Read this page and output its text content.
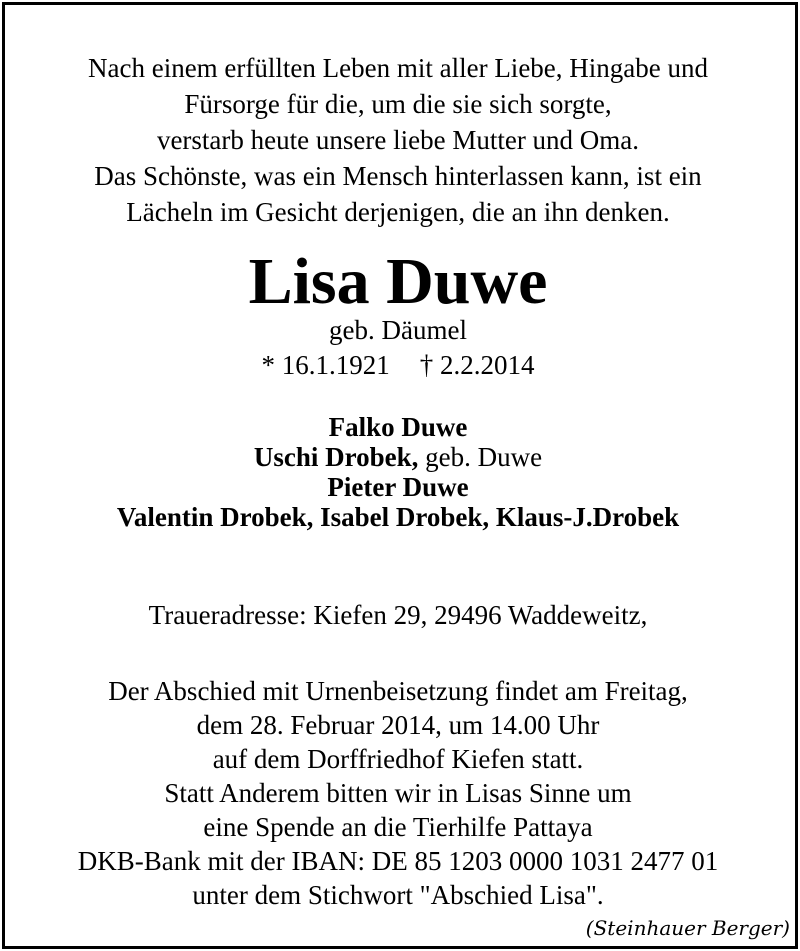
Nach einem erfüllten Leben mit aller Liebe, Hingabe und
Fürsorge für die, um die sie sich sorgte,
verstarb heute unsere liebe Mutter und Oma.
Das Schönste, was ein Mensch hinterlassen kann, ist ein
Lächeln im Gesicht derjenigen, die an ihn denken.
Lisa Duwe
geb. Däumel
* 16.1.1921 † 2.2.2014
Falko Duwe
Uschi Drobek, geb. Duwe
Pieter Duwe
Valentin Drobek, Isabel Drobek, Klaus-J.Drobek
Traueradresse: Kiefen 29, 29496 Waddeweitz,
Der Abschied mit Urnenbeisetzung findet am Freitag,
dem 28. Februar 2014, um 14.00 Uhr
auf dem Dorffriedhof Kiefen statt.
Statt Anderem bitten wir in Lisas Sinne um
eine Spende an die Tierhilfe Pattaya
DKB-Bank mit der IBAN: DE 85 1203 0000 1031 2477 01
unter dem Stichwort "Abschied Lisa".
(Steinhauer Berger)
